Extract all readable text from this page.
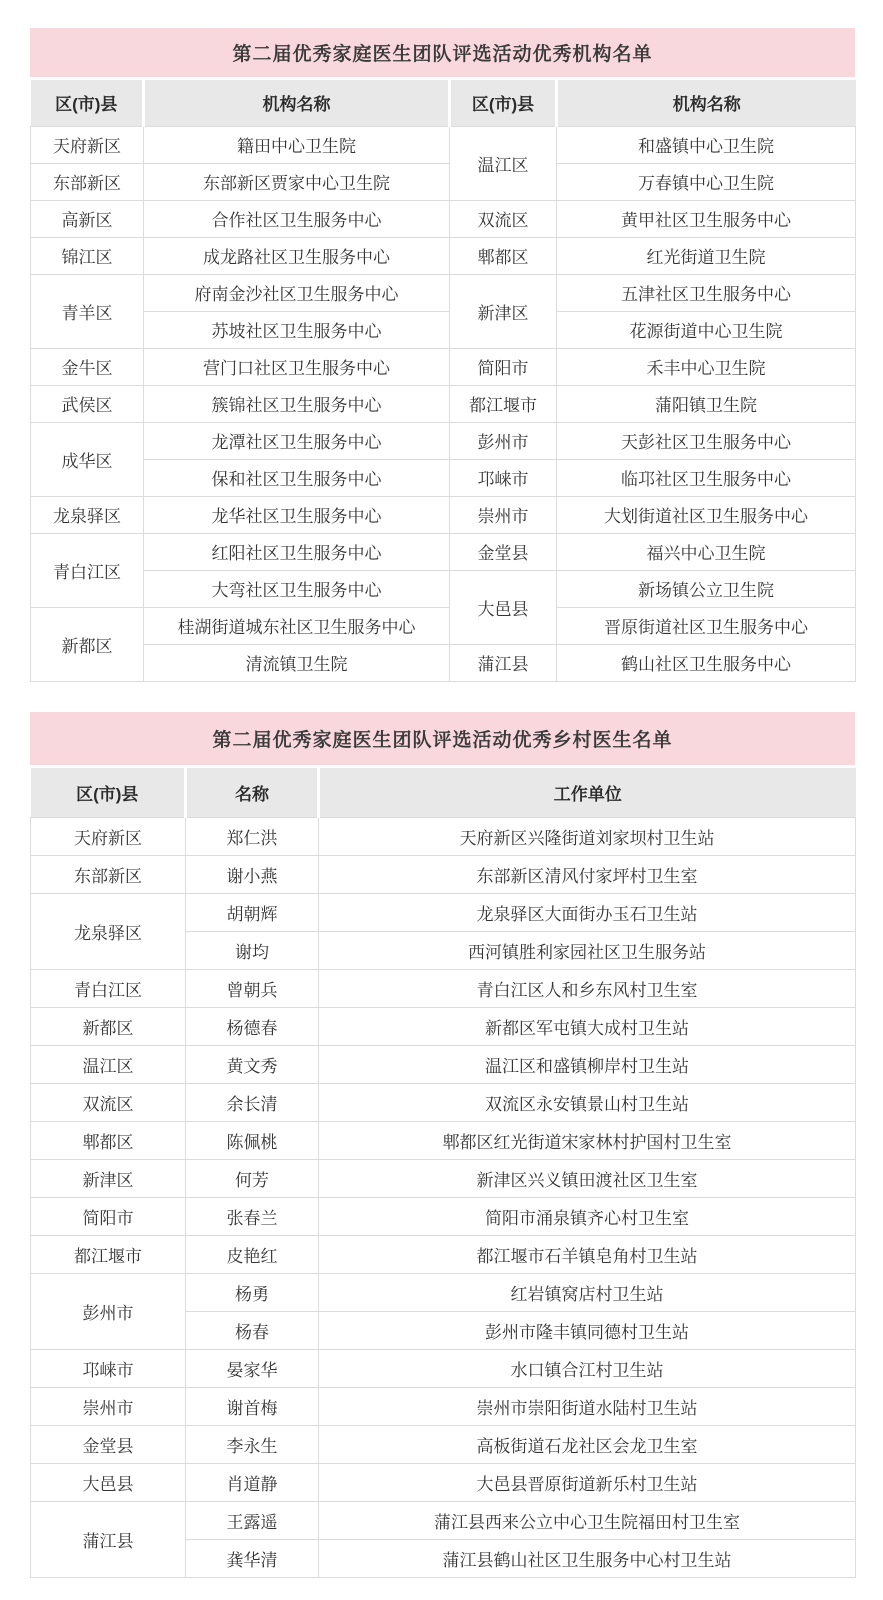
第二届优秀家庭医生团队评选活动优秀机构名单
区(市)县	机构名称	区(市)县	机构名称
天府新区	籍田中心卫生院	温江区	和盛镇中心卫生院
东部新区	东部新区贾家中心卫生院		万春镇中心卫生院
高新区	合作社区卫生服务中心	双流区	黄甲社区卫生服务中心
锦江区	成龙路社区卫生服务中心	郫都区	红光街道卫生院
青羊区	府南金沙社区卫生服务中心	新津区	五津社区卫生服务中心
	苏坡社区卫生服务中心		花源街道中心卫生院
金牛区	营门口社区卫生服务中心	简阳市	禾丰中心卫生院
武侯区	簇锦社区卫生服务中心	都江堰市	蒲阳镇卫生院
成华区	龙潭社区卫生服务中心	彭州市	天彭社区卫生服务中心
	保和社区卫生服务中心	邛崃市	临邛社区卫生服务中心
龙泉驿区	龙华社区卫生服务中心	崇州市	大划街道社区卫生服务中心
青白江区	红阳社区卫生服务中心	金堂县	福兴中心卫生院
	大弯社区卫生服务中心	大邑县	新场镇公立卫生院
新都区	桂湖街道城东社区卫生服务中心		晋原街道社区卫生服务中心
	清流镇卫生院	蒲江县	鹤山社区卫生服务中心
第二届优秀家庭医生团队评选活动优秀乡村医生名单
区(市)县	名称	工作单位
天府新区	郑仁洪	天府新区兴隆街道刘家坝村卫生站
东部新区	谢小燕	东部新区清风付家坪村卫生室
龙泉驿区	胡朝辉	龙泉驿区大面街办玉石卫生站
	谢均	西河镇胜利家园社区卫生服务站
青白江区	曾朝兵	青白江区人和乡东风村卫生室
新都区	杨德春	新都区军屯镇大成村卫生站
温江区	黄文秀	温江区和盛镇柳岸村卫生站
双流区	余长清	双流区永安镇景山村卫生站
郫都区	陈佩桃	郫都区红光街道宋家林村护国村卫生室
新津区	何芳	新津区兴义镇田渡社区卫生室
简阳市	张春兰	简阳市涌泉镇齐心村卫生室
都江堰市	皮艳红	都江堰市石羊镇皂角村卫生站
彭州市	杨勇	红岩镇窝店村卫生站
	杨春	彭州市隆丰镇同德村卫生站
邛崃市	晏家华	水口镇合江村卫生站
崇州市	谢首梅	崇州市崇阳街道水陆村卫生站
金堂县	李永生	高板街道石龙社区会龙卫生室
大邑县	肖道静	大邑县晋原街道新乐村卫生站
蒲江县	王露遥	蒲江县西来公立中心卫生院福田村卫生室
	龚华清	蒲江县鹤山社区卫生服务中心村卫生站
